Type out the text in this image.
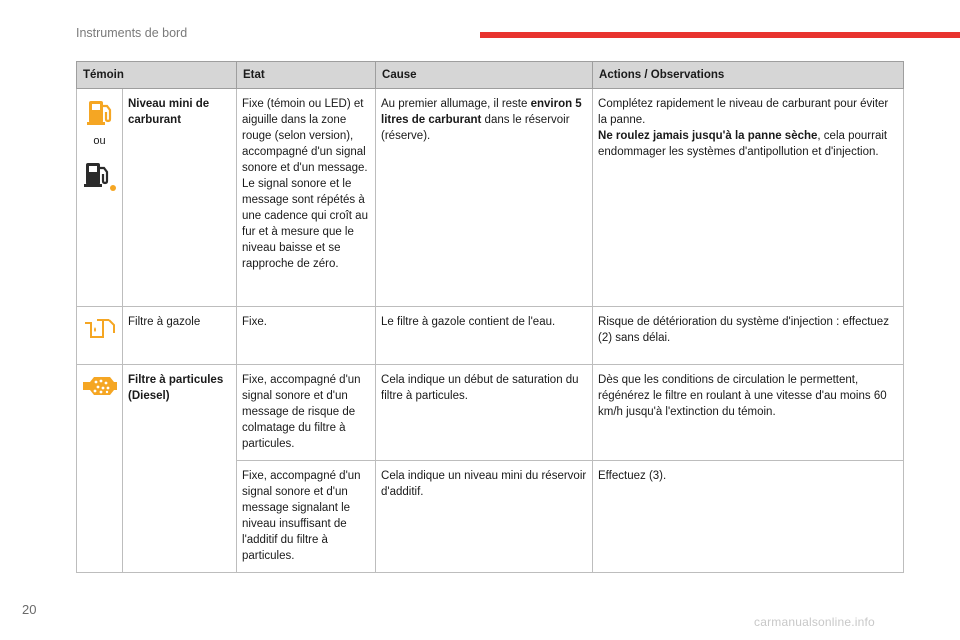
Instruments de bord
Témoin		Etat	Cause	Actions / Observations

ou	Niveau mini de carburant	Fixe (témoin ou LED) et aiguille dans la zone rouge (selon version), accompagné d'un signal sonore et d'un message. Le signal sonore et le message sont répétés à une cadence qui croît au fur et à mesure que le niveau baisse et se rapproche de zéro.	Au premier allumage, il reste environ 5 litres de carburant dans le réservoir (réserve).	Complétez rapidement le niveau de carburant pour éviter la panne.
Ne roulez jamais jusqu'à la panne sèche, cela pourrait endommager les systèmes d'antipollution et d'injection.

	Filtre à gazole	Fixe.	Le filtre à gazole contient de l'eau.	Risque de détérioration du système d'injection : effectuez (2) sans délai.

	Filtre à particules (Diesel)	Fixe, accompagné d'un signal sonore et d'un message de risque de colmatage du filtre à particules.	Cela indique un début de saturation du filtre à particules.	Dès que les conditions de circulation le permettent, régénérez le filtre en roulant à une vitesse d'au moins 60 km/h jusqu'à l'extinction du témoin.
		Fixe, accompagné d'un signal sonore et d'un message signalant le niveau insuffisant de l'additif du filtre à particules.	Cela indique un niveau mini du réservoir d'additif.	Effectuez (3).
20
carmanualsonline.info
